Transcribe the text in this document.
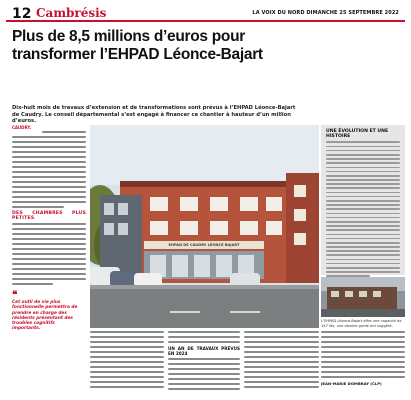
12 Cambrésis	LA VOIX DU NORD DIMANCHE 25 SEPTEMBRE 2022
Plus de 8,5 millions d’euros pour transformer l’EHPAD Léonce-Bajart

Dix-huit mois de travaux d’extension et de transformations sont prévus à l’EHPAD Léonce-Bajart de Caudry. Le conseil départemental s’est engagé à financer ce chantier à hauteur d’un million d’euros.

CAUDRY.
DES CHAMBRES PLUS PETITES
❝
Cet outil de vie plus fonctionnelle permettra de prendre en charge des résidents présentant des troubles cognitifs importants.
EHPAD DE CAUDRY LÉONCE BAJART
UNE ÉVOLUTION ET UNE HISTOIRE
L’EHPAD Léonce-Bajart offre une capacité de 147 lits, une dizaine garde ont suggéré.
UN AN DE TRAVAUX PRÉVUS EN 2024
JEAN-MARIE DOMBRAY (CLP)
